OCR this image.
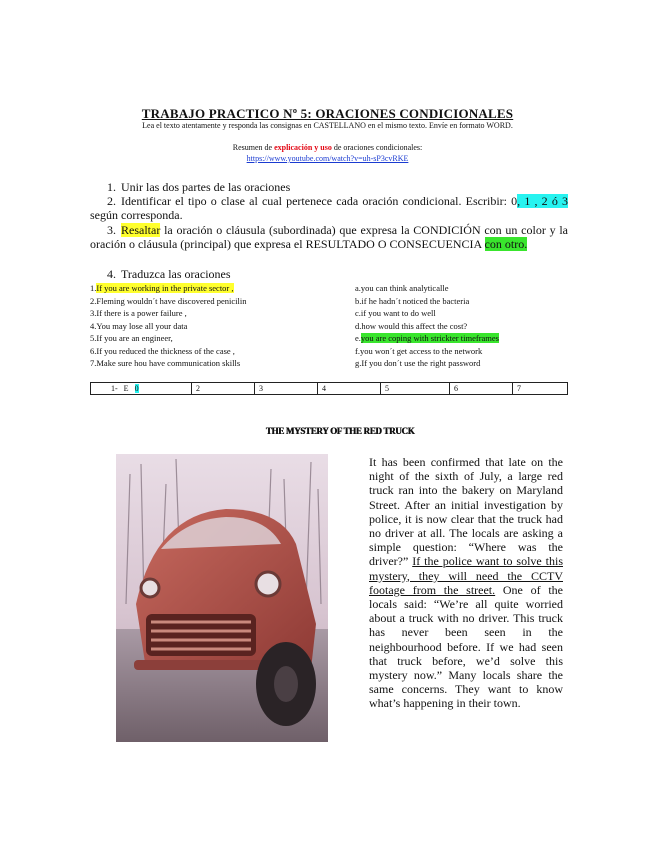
TRABAJO PRACTICO Nº 5: ORACIONES CONDICIONALES
Lea el texto atentamente y responda las consignas en CASTELLANO en el mismo texto. Envíe en formato WORD.
Resumen de explicación y uso de oraciones condicionales:
https://www.youtube.com/watch?v=uh-sP3cvRKE
1. Unir las dos partes de las oraciones
2. Identificar el tipo o clase al cual pertenece cada oración condicional. Escribir: 0, 1 , 2 ó 3 según corresponda.
3. Resaltar la oración o cláusula (subordinada) que expresa la CONDICIÓN con un color y la oración o cláusula (principal) que expresa el RESULTADO O CONSECUENCIA con otro.
4. Traduzca las oraciones
1.If you are working in the private sector ,
2.Fleming wouldn´t have discovered penicilin
3.If there is a power failure ,
4.You may lose all your data
5.If you are an engineer,
6.If you reduced the thickness of the case ,
7.Make sure hou have communication skills
a.you can think analyticalle
b.if he hadn´t noticed the bacteria
c.if you want to do well
d.how would this affect the cost?
e.you are coping with strickter timeframes
f.you won´t get access to the network
g.If you don´t use the right password
1-   E   0	2	3	4	5	6	7
THE MYSTERY OF THE RED TRUCK
It has been confirmed that late on the night of the sixth of July, a large red truck ran into the bakery on Maryland Street. After an initial investigation by police, it is now clear that the truck had no driver at all. The locals are asking a simple question: “Where was the driver?” If the police want to solve this mystery, they will need the CCTV footage from the street. One of the locals said: “We’re all quite worried about a truck with no driver. This truck has never been seen in the neighbourhood before. If we had seen that truck before, we’d solve this mystery now.” Many locals share the same concerns. They want to know what’s happening in their town.
